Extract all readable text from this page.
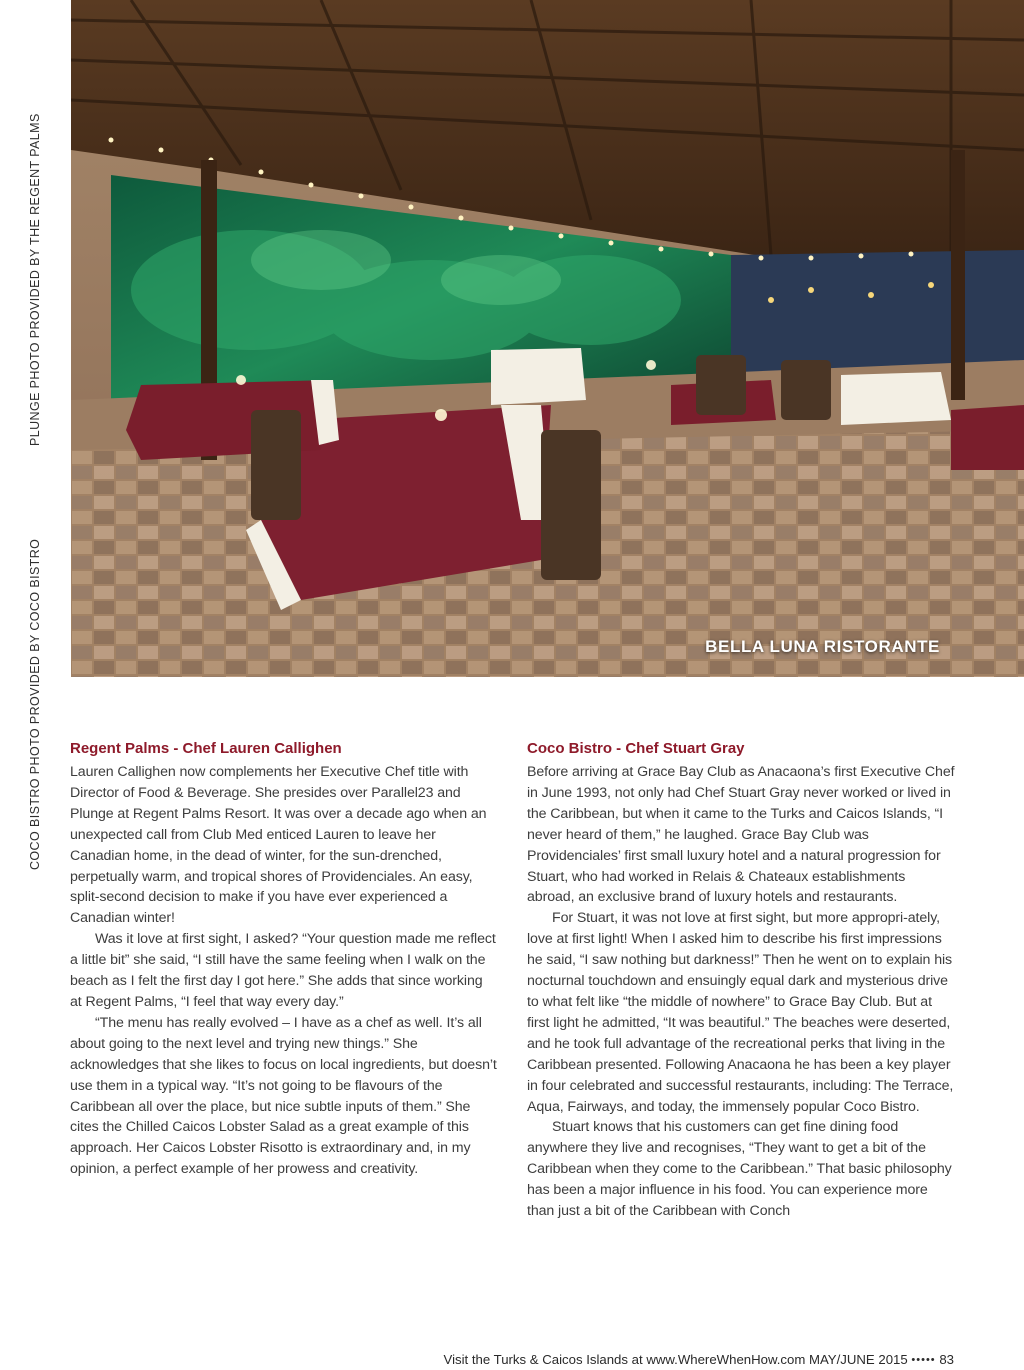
PLUNGE PHOTO PROVIDED BY THE REGENT PALMS
COCO BISTRO PHOTO PROVIDED BY COCO BISTRO	BELLA LUNA RISTORANTE
Regent Palms - Chef Lauren Callighen

Lauren Callighen now complements her Executive Chef title with Director of Food & Beverage. She presides over Parallel23 and Plunge at Regent Palms Resort. It was over a decade ago when an unexpected call from Club Med enticed Lauren to leave her Canadian home, in the dead of winter, for the sun-drenched, perpetually warm, and tropical shores of Providenciales. An easy, split-second decision to make if you have ever experienced a Canadian winter!

Was it love at first sight, I asked? “Your question made me reflect a little bit” she said, “I still have the same feeling when I walk on the beach as I felt the first day I got here.” She adds that since working at Regent Palms, “I feel that way every day.”

“The menu has really evolved – I have as a chef as well. It’s all about going to the next level and trying new things.” She acknowledges that she likes to focus on local ingredients, but doesn’t use them in a typical way. “It’s not going to be flavours of the Caribbean all over the place, but nice subtle inputs of them.” She cites the Chilled Caicos Lobster Salad as a great example of this approach. Her Caicos Lobster Risotto is extraordinary and, in my opinion, a perfect example of her prowess and creativity.

Coco Bistro - Chef Stuart Gray

Before arriving at Grace Bay Club as Anacaona’s first Executive Chef in June 1993, not only had Chef Stuart Gray never worked or lived in the Caribbean, but when it came to the Turks and Caicos Islands, “I never heard of them,” he laughed. Grace Bay Club was Providenciales’ first small luxury hotel and a natural progression for Stuart, who had worked in Relais & Chateaux establishments abroad, an exclusive brand of luxury hotels and restaurants.

For Stuart, it was not love at first sight, but more appropri-ately, love at first light! When I asked him to describe his first impressions he said, “I saw nothing but darkness!” Then he went on to explain his nocturnal touchdown and ensuingly equal dark and mysterious drive to what felt like “the middle of nowhere” to Grace Bay Club. But at first light he admitted, “It was beautiful.” The beaches were deserted, and he took full advantage of the recreational perks that living in the Caribbean presented. Following Anacaona he has been a key player in four celebrated and successful restaurants, including: The Terrace, Aqua, Fairways, and today, the immensely popular Coco Bistro.

Stuart knows that his customers can get fine dining food anywhere they live and recognises, “They want to get a bit of the Caribbean when they come to the Caribbean.” That basic philosophy has been a major influence in his food. You can experience more than just a bit of the Caribbean with Conch

Visit the Turks & Caicos Islands at www.WhereWhenHow.com MAY/JUNE 2015 ••••• 83
